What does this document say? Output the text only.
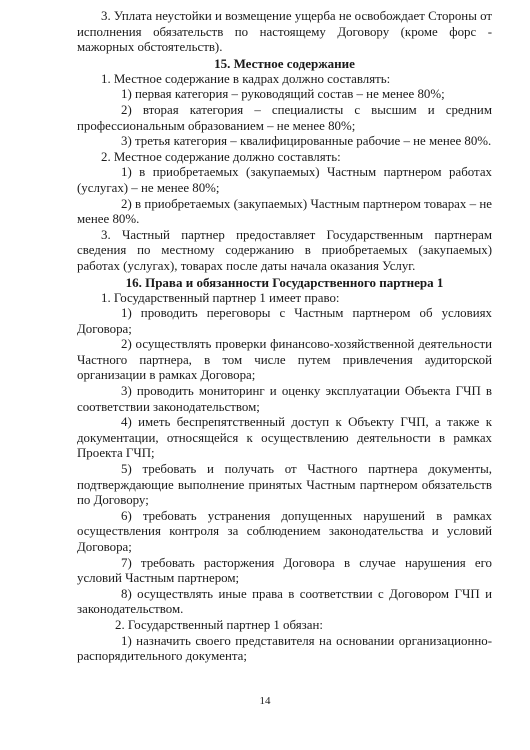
3. Уплата неустойки и возмещение ущерба не освобождает Стороны от исполнения обязательств по настоящему Договору (кроме форс - мажорных обстоятельств).

15. Местное содержание

1. Местное содержание в кадрах должно составлять:

1) первая категория – руководящий состав – не менее 80%;

2) вторая категория – специалисты с высшим и средним профессиональным образованием – не менее 80%;

3) третья категория – квалифицированные рабочие – не менее 80%.

2. Местное содержание должно составлять:

1) в приобретаемых (закупаемых) Частным партнером работах (услугах) – не менее 80%;

2) в приобретаемых (закупаемых) Частным партнером товарах – не менее 80%.

3. Частный партнер предоставляет Государственным партнерам сведения по местному содержанию в приобретаемых (закупаемых) работах (услугах), товарах после даты начала оказания Услуг.

16. Права и обязанности Государственного партнера 1

1. Государственный партнер 1 имеет право:

1) проводить переговоры с Частным партнером об условиях Договора;

2) осуществлять проверки финансово-хозяйственной деятельности Частного партнера, в том числе путем привлечения аудиторской организации в рамках Договора;

3) проводить мониторинг и оценку эксплуатации Объекта ГЧП в соответствии законодательством;

4) иметь беспрепятственный доступ к Объекту ГЧП, а также к документации, относящейся к осуществлению деятельности в рамках Проекта ГЧП;

5) требовать и получать от Частного партнера документы, подтверждающие выполнение принятых Частным партнером обязательств по Договору;

6) требовать устранения допущенных нарушений в рамках осуществления контроля за соблюдением законодательства и условий Договора;

7) требовать расторжения Договора в случае нарушения его условий Частным партнером;

8) осуществлять иные права в соответствии с Договором ГЧП и законодательством.

2. Государственный партнер 1 обязан:

1) назначить своего представителя на основании организационно-распорядительного документа;

14
